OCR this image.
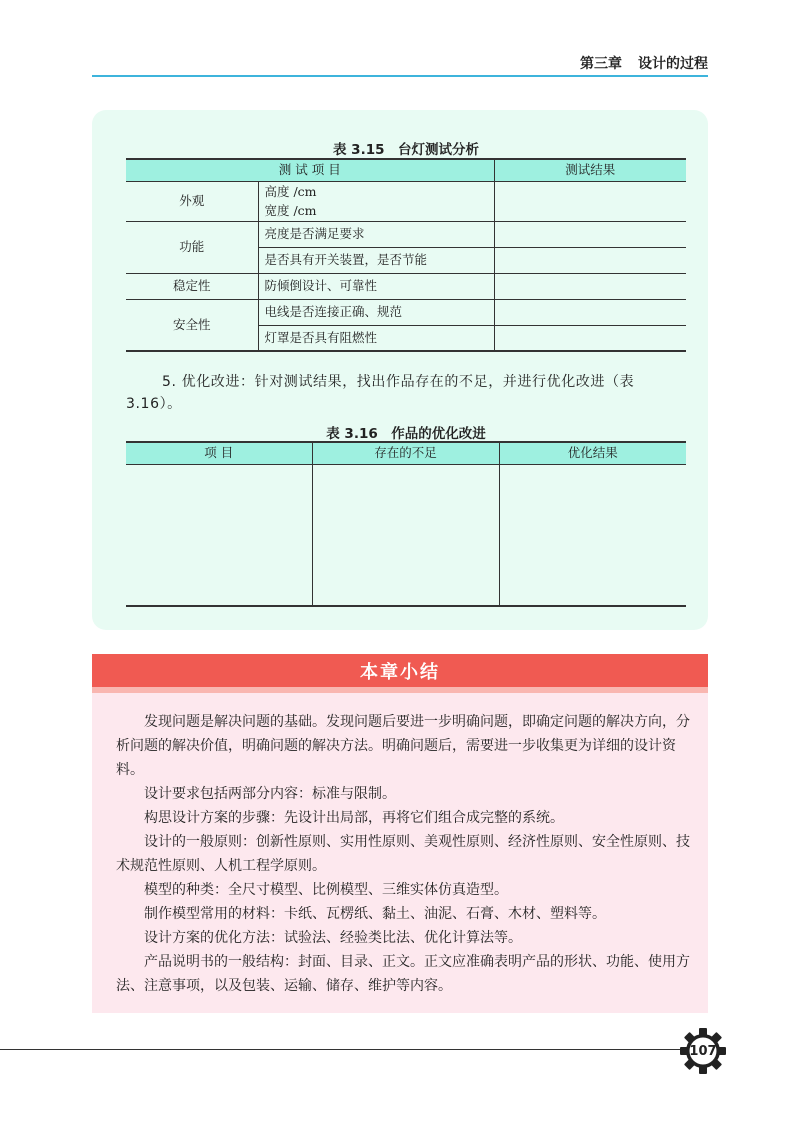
第三章 设计的过程
表 3.15　台灯测试分析
测 试 项 目		测试结果
外观	高度 /cm
宽度 /cm	

功能	亮度是否满足要求	
	是否具有开关装置，是否节能	
稳定性	防倾倒设计、可靠性	
安全性	电线是否连接正确、规范	
	灯罩是否具有阻燃性	
5. 优化改进：针对测试结果，找出作品存在的不足，并进行优化改进（表 3.16）。
表 3.16　作品的优化改进
项 目	存在的不足	优化结果

本章小结

发现问题是解决问题的基础。发现问题后要进一步明确问题，即确定问题的解决方向，分析问题的解决价值，明确问题的解决方法。明确问题后，需要进一步收集更为详细的设计资料。

设计要求包括两部分内容：标准与限制。

构思设计方案的步骤：先设计出局部，再将它们组合成完整的系统。

设计的一般原则：创新性原则、实用性原则、美观性原则、经济性原则、安全性原则、技术规范性原则、人机工程学原则。

模型的种类：全尺寸模型、比例模型、三维实体仿真造型。

制作模型常用的材料：卡纸、瓦楞纸、黏土、油泥、石膏、木材、塑料等。

设计方案的优化方法：试验法、经验类比法、优化计算法等。

产品说明书的一般结构：封面、目录、正文。正文应准确表明产品的形状、功能、使用方法、注意事项，以及包装、运输、储存、维护等内容。

107
